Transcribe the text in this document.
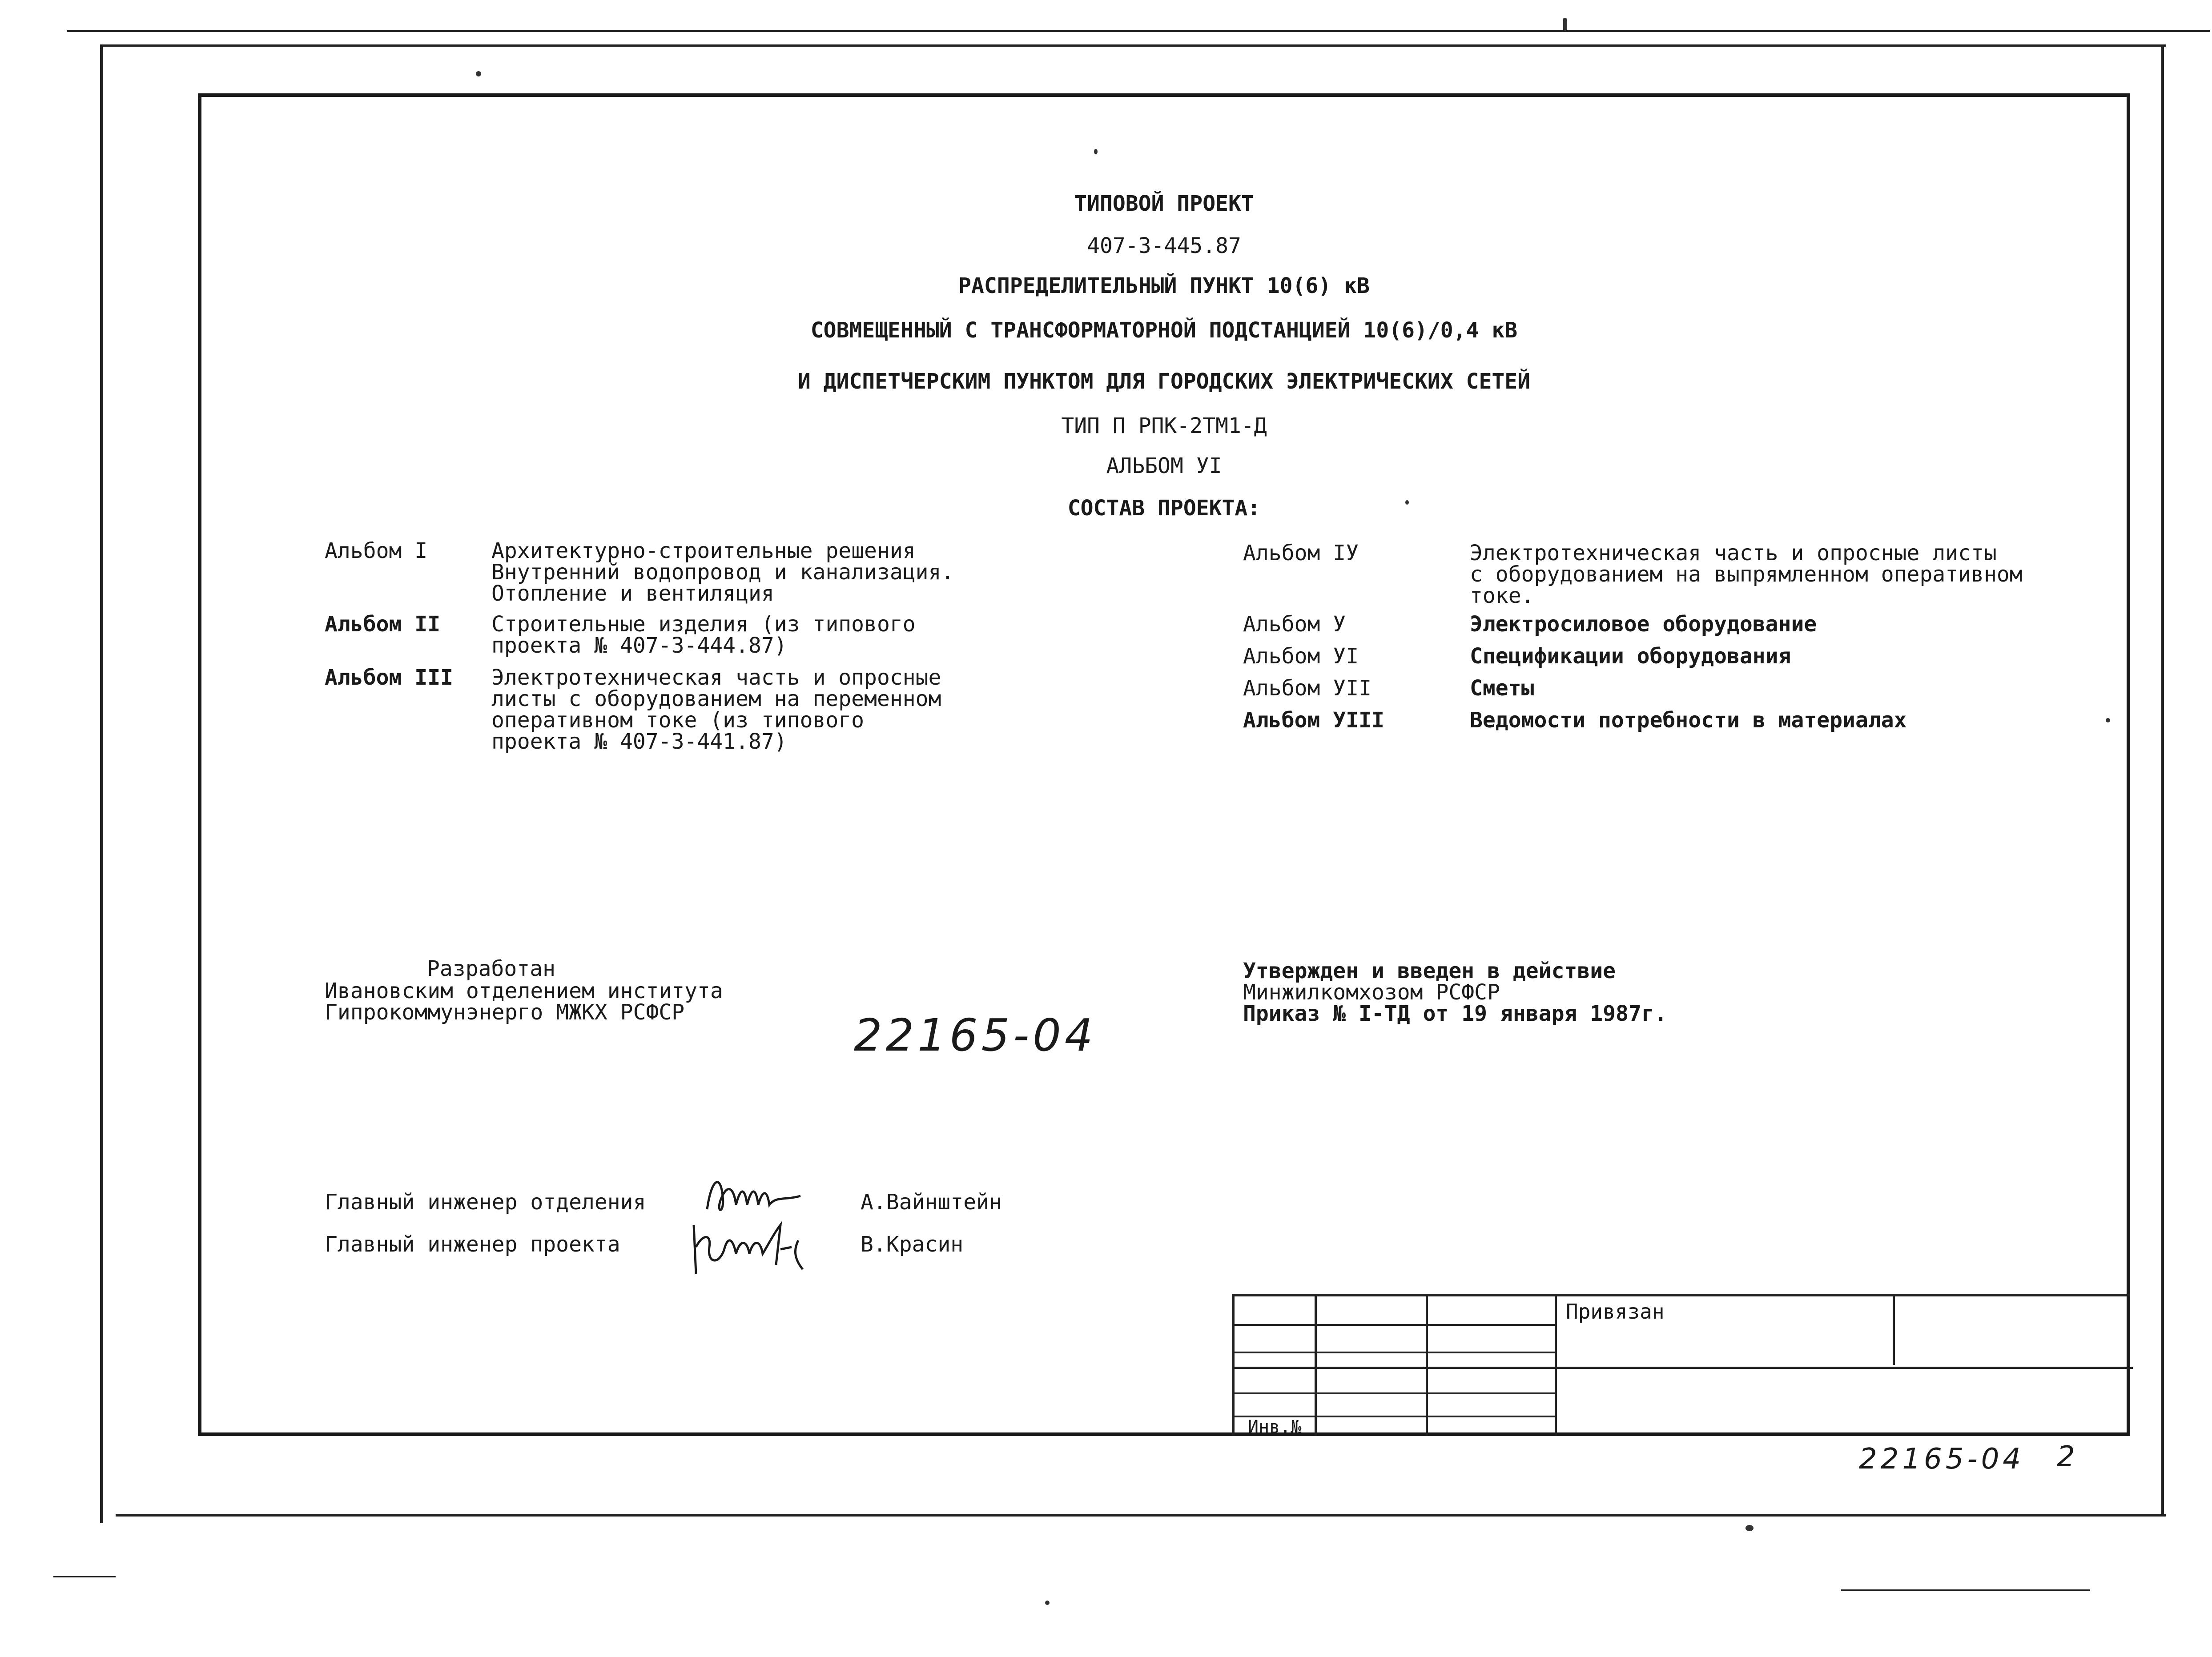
ТИПОВОЙ ПРОЕКТ
407-3-445.87
РАСПРЕДЕЛИТЕЛЬНЫЙ ПУНКТ 10(6) кВ
СОВМЕЩЕННЫЙ С ТРАНСФОРМАТОРНОЙ ПОДСТАНЦИЕЙ 10(6)/0,4 кВ
И ДИСПЕТЧЕРСКИМ ПУНКТОМ ДЛЯ ГОРОДСКИХ ЭЛЕКТРИЧЕСКИХ СЕТЕЙ
ТИП П РПК-2ТМ1-Д
АЛЬБОМ УI
СОСТАВ ПРОЕКТА:
Альбом I	Архитектурно-строительные решения
Внутренний водопровод и канализация.
Отопление и вентиляция
Альбом II	Строительные изделия (из типового
проекта № 407-3-444.87)
Альбом III Электротехническая часть и опросные
листы с оборудованием на переменном
оперативном токе (из типового
проекта № 407-3-441.87)
Альбом IУ	Электротехническая часть и опросные листы
с оборудованием на выпрямленном оперативном
токе.
Альбом У	Электросиловое оборудование
Альбом УI	Спецификации оборудования
Альбом УII	Сметы
Альбом УIII	Ведомости потребности в материалах
Разработан
Ивановским отделением института
Гипрокоммунэнерго МЖКХ РСФСР
Утвержден и введен в действие
Минжилкомхозом РСФСР
Приказ № I-ТД от 19 января 1987г.
22165-04
Главный инженер отделения	А.Вайнштейн
Главный инженер проекта	В.Красин
Привязан
Инв.№
22165-04 2
